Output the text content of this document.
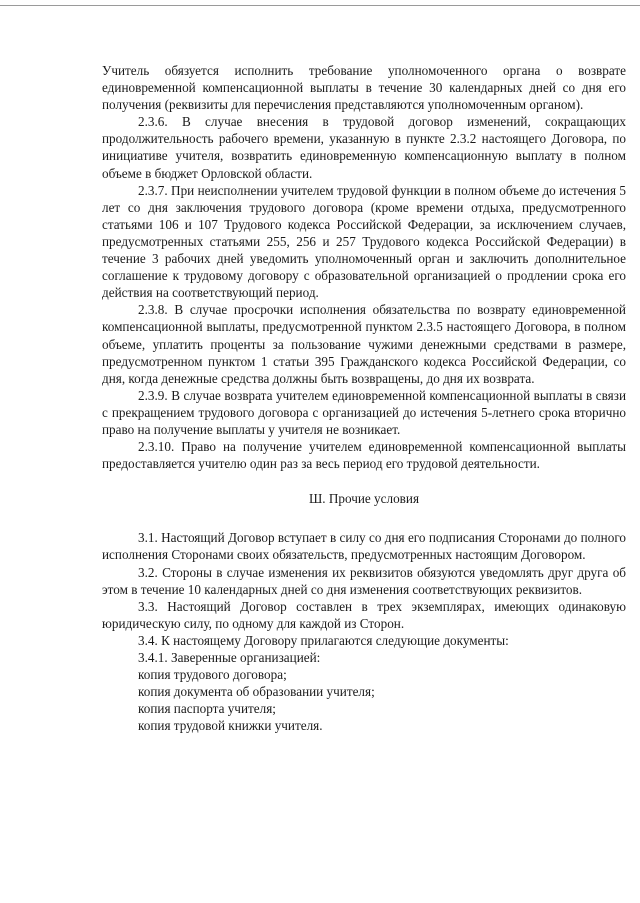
Учитель обязуется исполнить требование уполномоченного органа о возврате единовременной компенсационной выплаты в течение 30 календарных дней со дня его получения (реквизиты для перечисления представляются уполномоченным органом).

2.3.6. В случае внесения в трудовой договор изменений, сокращающих продолжительность рабочего времени, указанную в пункте 2.3.2 настоящего Договора, по инициативе учителя, возвратить единовременную компенсационную выплату в полном объеме в бюджет Орловской области.

2.3.7. При неисполнении учителем трудовой функции в полном объеме до истечения 5 лет со дня заключения трудового договора (кроме времени отдыха, предусмотренного статьями 106 и 107 Трудового кодекса Российской Федерации, за исключением случаев, предусмотренных статьями 255, 256 и 257 Трудового кодекса Российской Федерации) в течение 3 рабочих дней уведомить уполномоченный орган и заключить дополнительное соглашение к трудовому договору с образовательной организацией о продлении срока его действия на соответствующий период.

2.3.8. В случае просрочки исполнения обязательства по возврату единовременной компенсационной выплаты, предусмотренной пунктом 2.3.5 настоящего Договора, в полном объеме, уплатить проценты за пользование чужими денежными средствами в размере, предусмотренном пунктом 1 статьи 395 Гражданского кодекса Российской Федерации, со дня, когда денежные средства должны быть возвращены, до дня их возврата.

2.3.9. В случае возврата учителем единовременной компенсационной выплаты в связи с прекращением трудового договора с организацией до истечения 5-летнего срока вторично право на получение выплаты у учителя не возникает.

2.3.10. Право на получение учителем единовременной компенсационной выплаты предоставляется учителю один раз за весь период его трудовой деятельности.

Ш. Прочие условия

3.1. Настоящий Договор вступает в силу со дня его подписания Сторонами до полного исполнения Сторонами своих обязательств, предусмотренных настоящим Договором.

3.2. Стороны в случае изменения их реквизитов обязуются уведомлять друг друга об этом в течение 10 календарных дней со дня изменения соответствующих реквизитов.

3.3. Настоящий Договор составлен в трех экземплярах, имеющих одинаковую юридическую силу, по одному для каждой из Сторон.

3.4. К настоящему Договору прилагаются следующие документы:

3.4.1. Заверенные организацией:

копия трудового договора;

копия документа об образовании учителя;

копия паспорта учителя;

копия трудовой книжки учителя.
